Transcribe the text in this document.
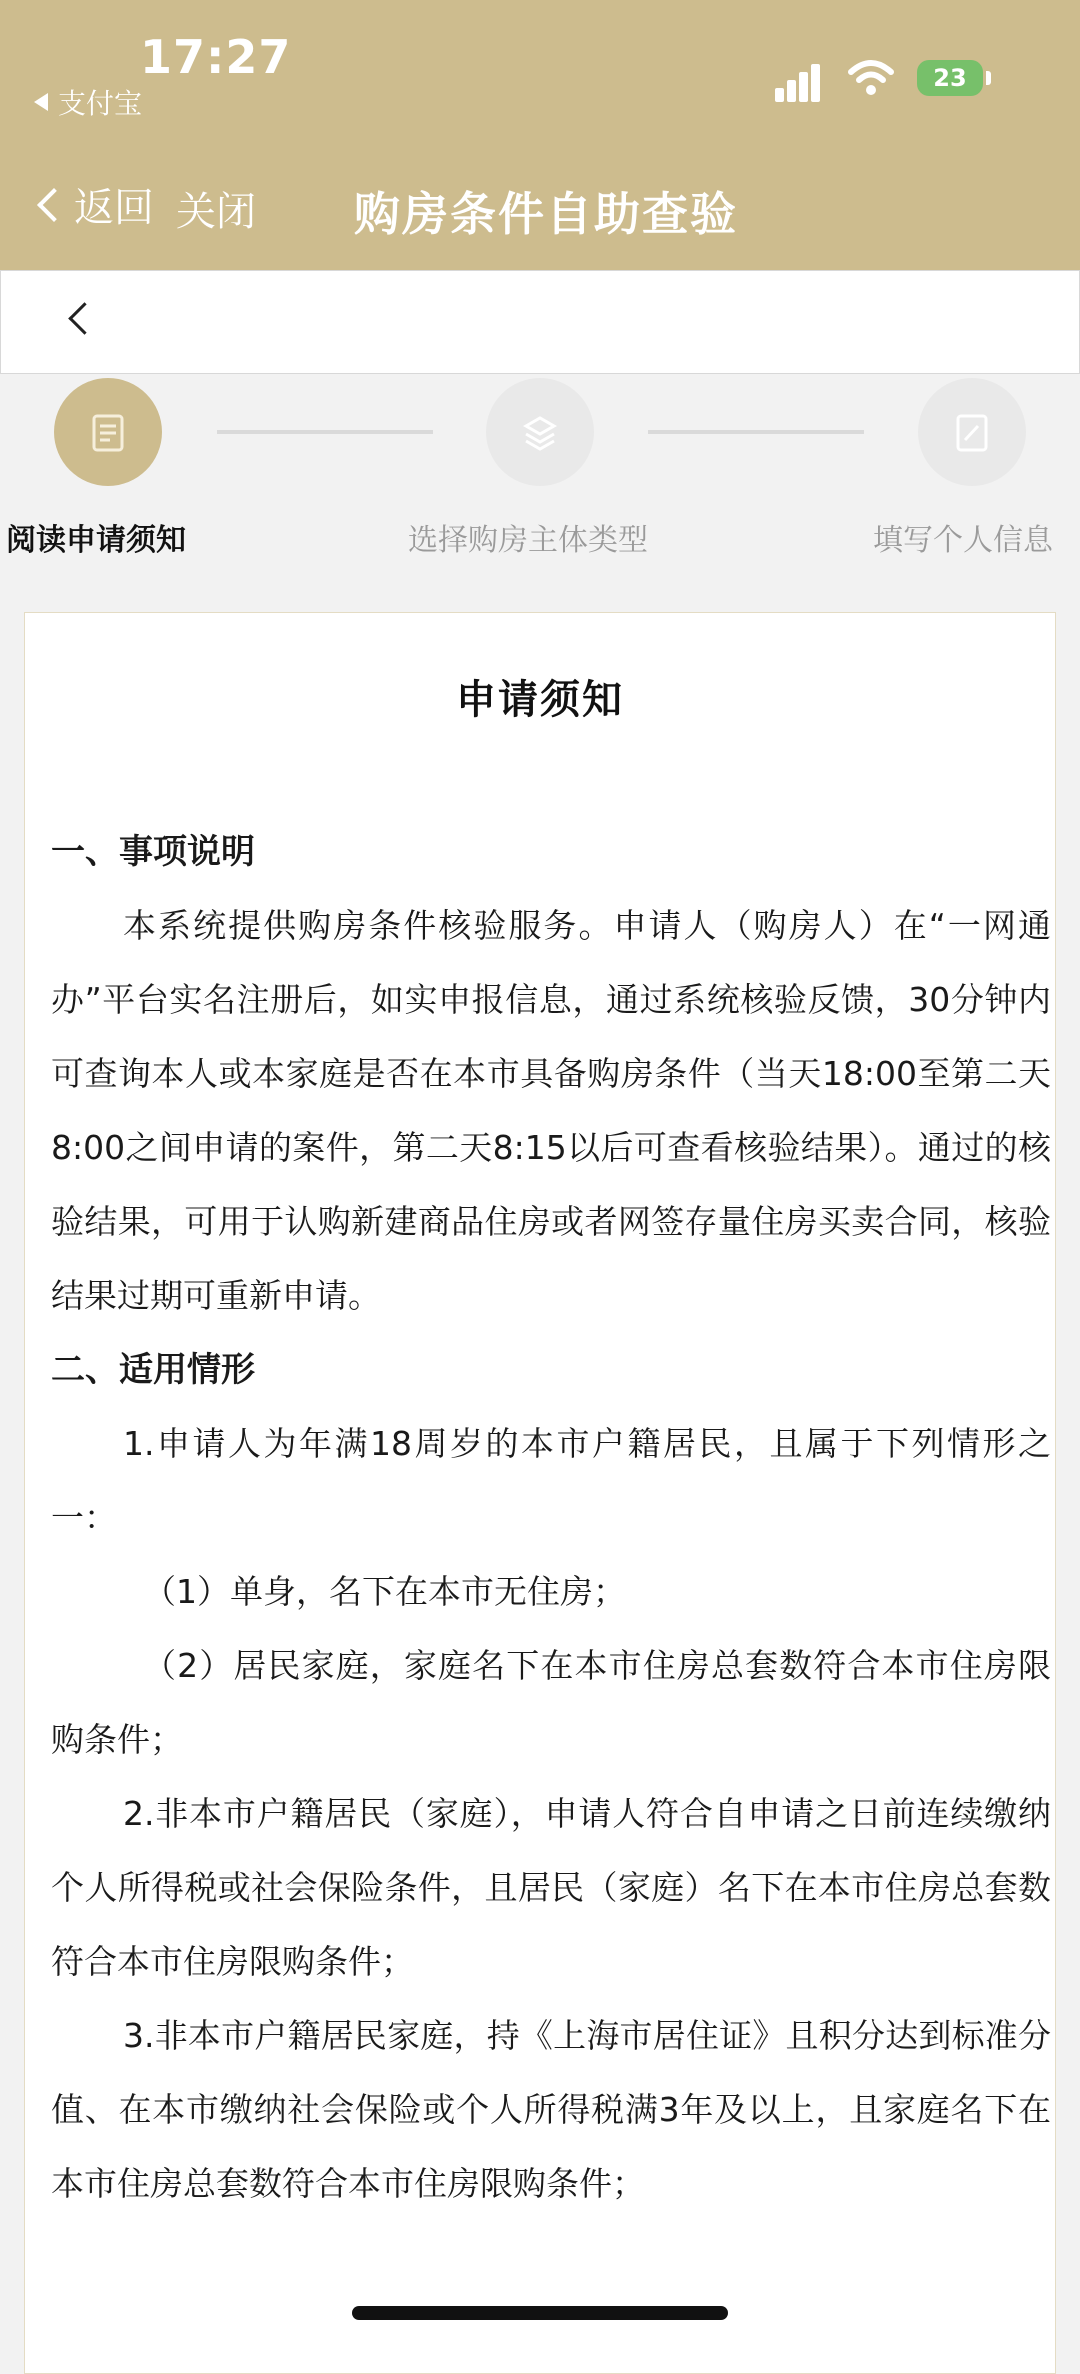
17:27
支付宝
23
返回 关闭 购房条件自助查验
阅读申请须知	选择购房主体类型	填写个人信息
申请须知

一、事项说明

本系统提供购房条件核验服务。申请人（购房人）在“一网通办”平台实名注册后，如实申报信息，通过系统核验反馈，30分钟内可查询本人或本家庭是否在本市具备购房条件（当天18:00至第二天8:00之间申请的案件，第二天8:15以后可查看核验结果）。通过的核验结果，可用于认购新建商品住房或者网签存量住房买卖合同，核验结果过期可重新申请。

二、适用情形

1.申请人为年满18周岁的本市户籍居民，且属于下列情形之一：

（1）单身，名下在本市无住房；

（2）居民家庭，家庭名下在本市住房总套数符合本市住房限购条件；

2.非本市户籍居民（家庭），申请人符合自申请之日前连续缴纳个人所得税或社会保险条件，且居民（家庭）名下在本市住房总套数符合本市住房限购条件；

3.非本市户籍居民家庭，持《上海市居住证》且积分达到标准分值、在本市缴纳社会保险或个人所得税满3年及以上，且家庭名下在本市住房总套数符合本市住房限购条件；
